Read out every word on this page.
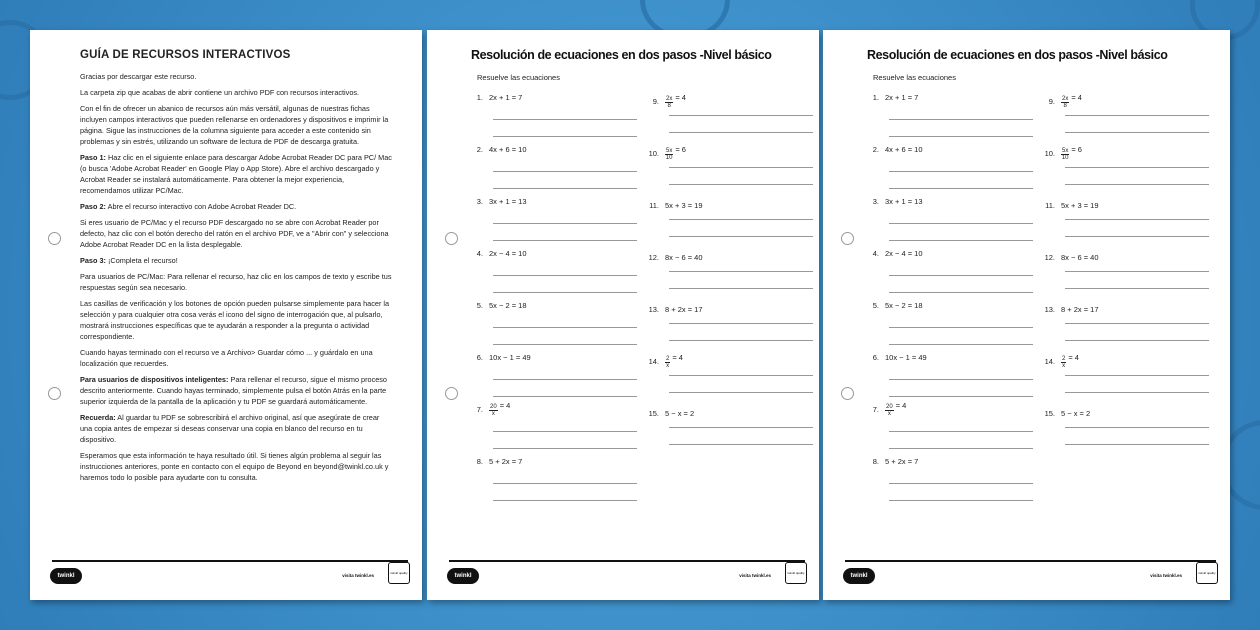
GUÍA DE RECURSOS INTERACTIVOS

Gracias por descargar este recurso.

La carpeta zip que acabas de abrir contiene un archivo PDF con recursos interactivos.

Con el fin de ofrecer un abanico de recursos aún más versátil, algunas de nuestras fichas incluyen campos interactivos que pueden rellenarse en ordenadores y dispositivos e imprimir la página. Sigue las instrucciones de la columna siguiente para acceder a este contenido sin problemas y sin estrés, utilizando un software de lectura de PDF de descarga gratuita.

Paso 1: Haz clic en el siguiente enlace para descargar Adobe Acrobat Reader DC para PC/ Mac (o busca 'Adobe Acrobat Reader' en Google Play o App Store). Abre el archivo descargado y Acrobat Reader se instalará automáticamente. Para obtener la mejor experiencia, recomendamos utilizar PC/Mac.

Paso 2: Abre el recurso interactivo con Adobe Acrobat Reader DC.

Si eres usuario de PC/Mac y el recurso PDF descargado no se abre con Acrobat Reader por defecto, haz clic con el botón derecho del ratón en el archivo PDF, ve a "Abrir con" y selecciona Adobe Acrobat Reader DC en la lista desplegable.

Paso 3: ¡Completa el recurso!

Para usuarios de PC/Mac: Para rellenar el recurso, haz clic en los campos de texto y escribe tus respuestas según sea necesario.

Las casillas de verificación y los botones de opción pueden pulsarse simplemente para hacer la selección y para cualquier otra cosa verás el icono del signo de interrogación que, al pulsarlo, mostrará instrucciones específicas que te ayudarán a responder a la pregunta o actividad correspondiente.

Cuando hayas terminado con el recurso ve a Archivo> Guardar cómo ... y guárdalo en una localización que recuerdes.

Para usuarios de dispositivos inteligentes: Para rellenar el recurso, sigue el mismo proceso descrito anteriormente. Cuando hayas terminado, simplemente pulsa el botón Atrás en la parte superior izquierda de la pantalla de la aplicación y tu PDF se guardará automáticamente.

Recuerda: Al guardar tu PDF se sobrescribirá el archivo original, así que asegúrate de crear una copia antes de empezar si deseas conservar una copia en blanco del recurso en tu dispositivo.

Esperamos que esta información te haya resultado útil. Si tienes algún problema al seguir las instrucciones anteriores, ponte en contacto con el equipo de Beyond en beyond@twinkl.co.uk y haremos todo lo posible para ayudarte con tu consulta.

twinkl	visita twinkl.es	twinkl quality
Resolución de ecuaciones en dos pasos -Nivel básico
Resuelve las ecuaciones
1. 2x + 1 = 7
2. 4x + 6 = 10
3. 3x + 1 = 13
4. 2x − 4 = 10
5. 5x − 2 = 18
6. 10x − 1 = 49
7. $\frac{20}{x} = 4$
8. 5 + 2x = 7
9. $\frac{2x}{8} = 4$
10. $\frac{5x}{10} = 6$
11. 5x + 3 = 19
12. 8x − 6 = 40
13. 8 + 2x = 17
14. $\frac{2}{x} = 4$
15. 5 − x = 2
twinkl	visita twinkl.es	twinkl quality
Resolución de ecuaciones en dos pasos -Nivel básico
Resuelve las ecuaciones
1. 2x + 1 = 7
2. 4x + 6 = 10
3. 3x + 1 = 13
4. 2x − 4 = 10
5. 5x − 2 = 18
6. 10x − 1 = 49
7. $\frac{20}{x} = 4$
8. 5 + 2x = 7
9. $\frac{2x}{8} = 4$
10. $\frac{5x}{10} = 6$
11. 5x + 3 = 19
12. 8x − 6 = 40
13. 8 + 2x = 17
14. $\frac{2}{x} = 4$
15. 5 − x = 2
twinkl	visita twinkl.es	twinkl quality
